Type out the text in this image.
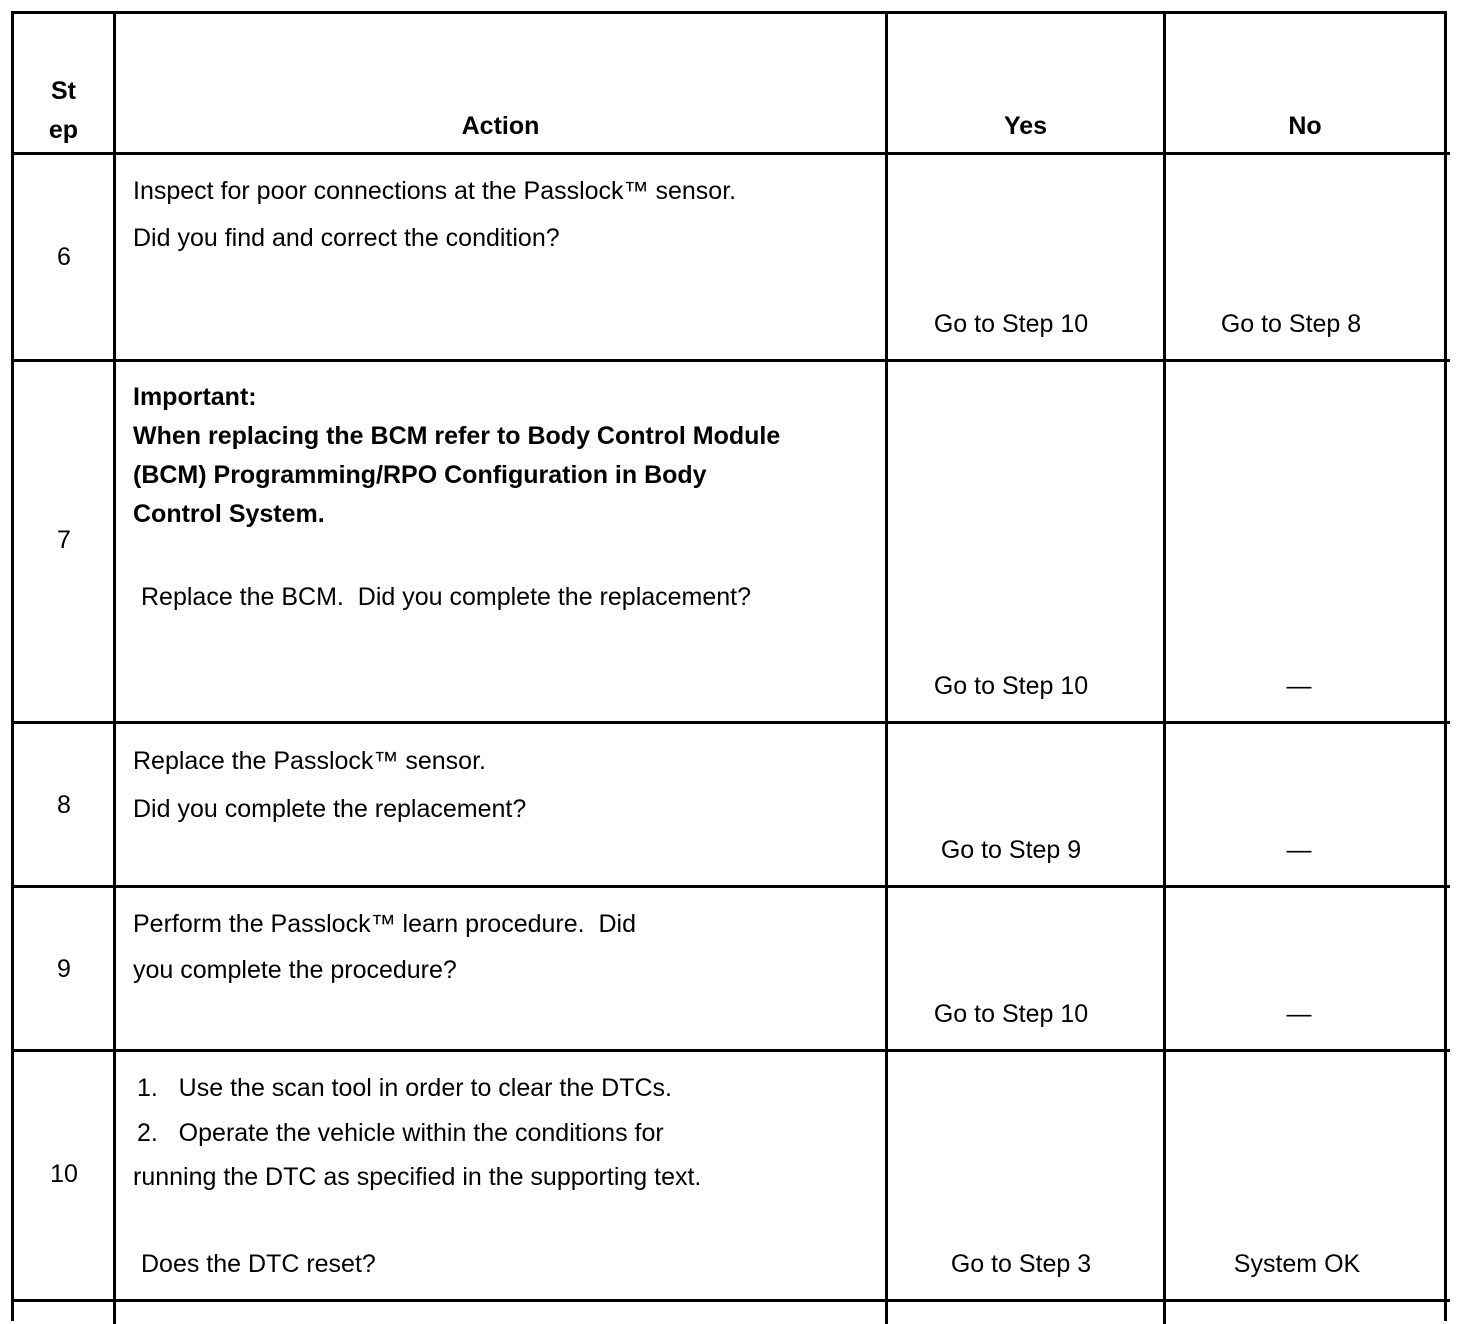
St
ep	Action	Yes	No
6
Inspect for poor connections at the Passlock™ sensor.
Did you find and correct the condition?
Go to Step 10	Go to Step 8
7
Important:
When replacing the BCM refer to Body Control Module
(BCM) Programming/RPO Configuration in Body
Control System.
Replace the BCM.  Did you complete the replacement?
Go to Step 10	—
8
Replace the Passlock™ sensor.
Did you complete the replacement?
Go to Step 9	—
9
Perform the Passlock™ learn procedure.  Did
you complete the procedure?
Go to Step 10	—
10
1.   Use the scan tool in order to clear the DTCs.
2.   Operate the vehicle within the conditions for
running the DTC as specified in the supporting text.
Does the DTC reset?	Go to Step 3	System OK
